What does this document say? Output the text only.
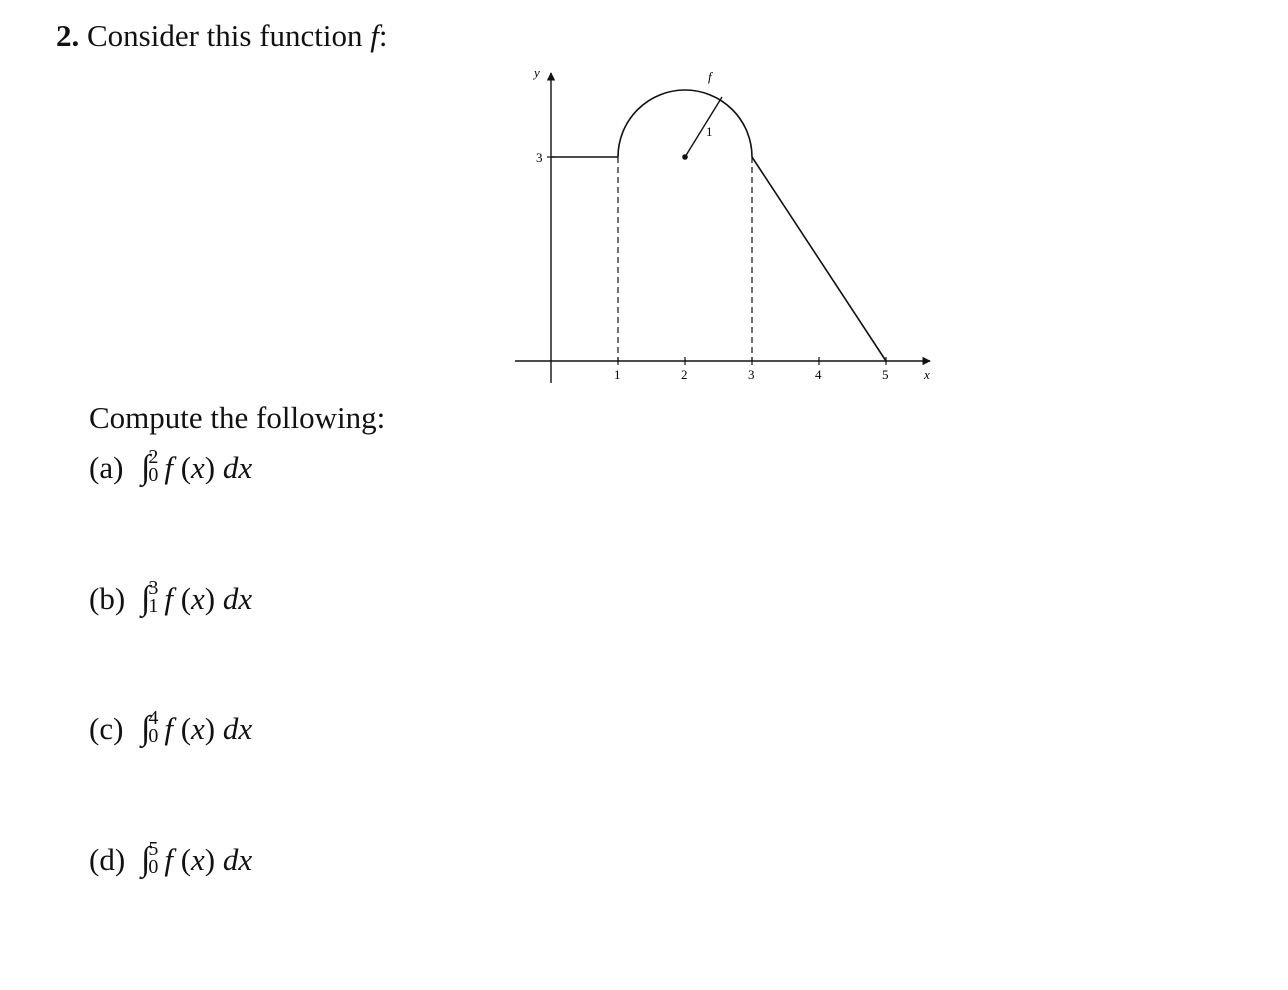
2. Consider this function f:
y
x
3
1	2	3	4	5
1
f
Compute the following:
(a) ∫
2
0 f (x) dx
(b) ∫
3
1 f (x) dx
(c) ∫
4
0 f (x) dx
(d) ∫
5
0 f (x) dx
